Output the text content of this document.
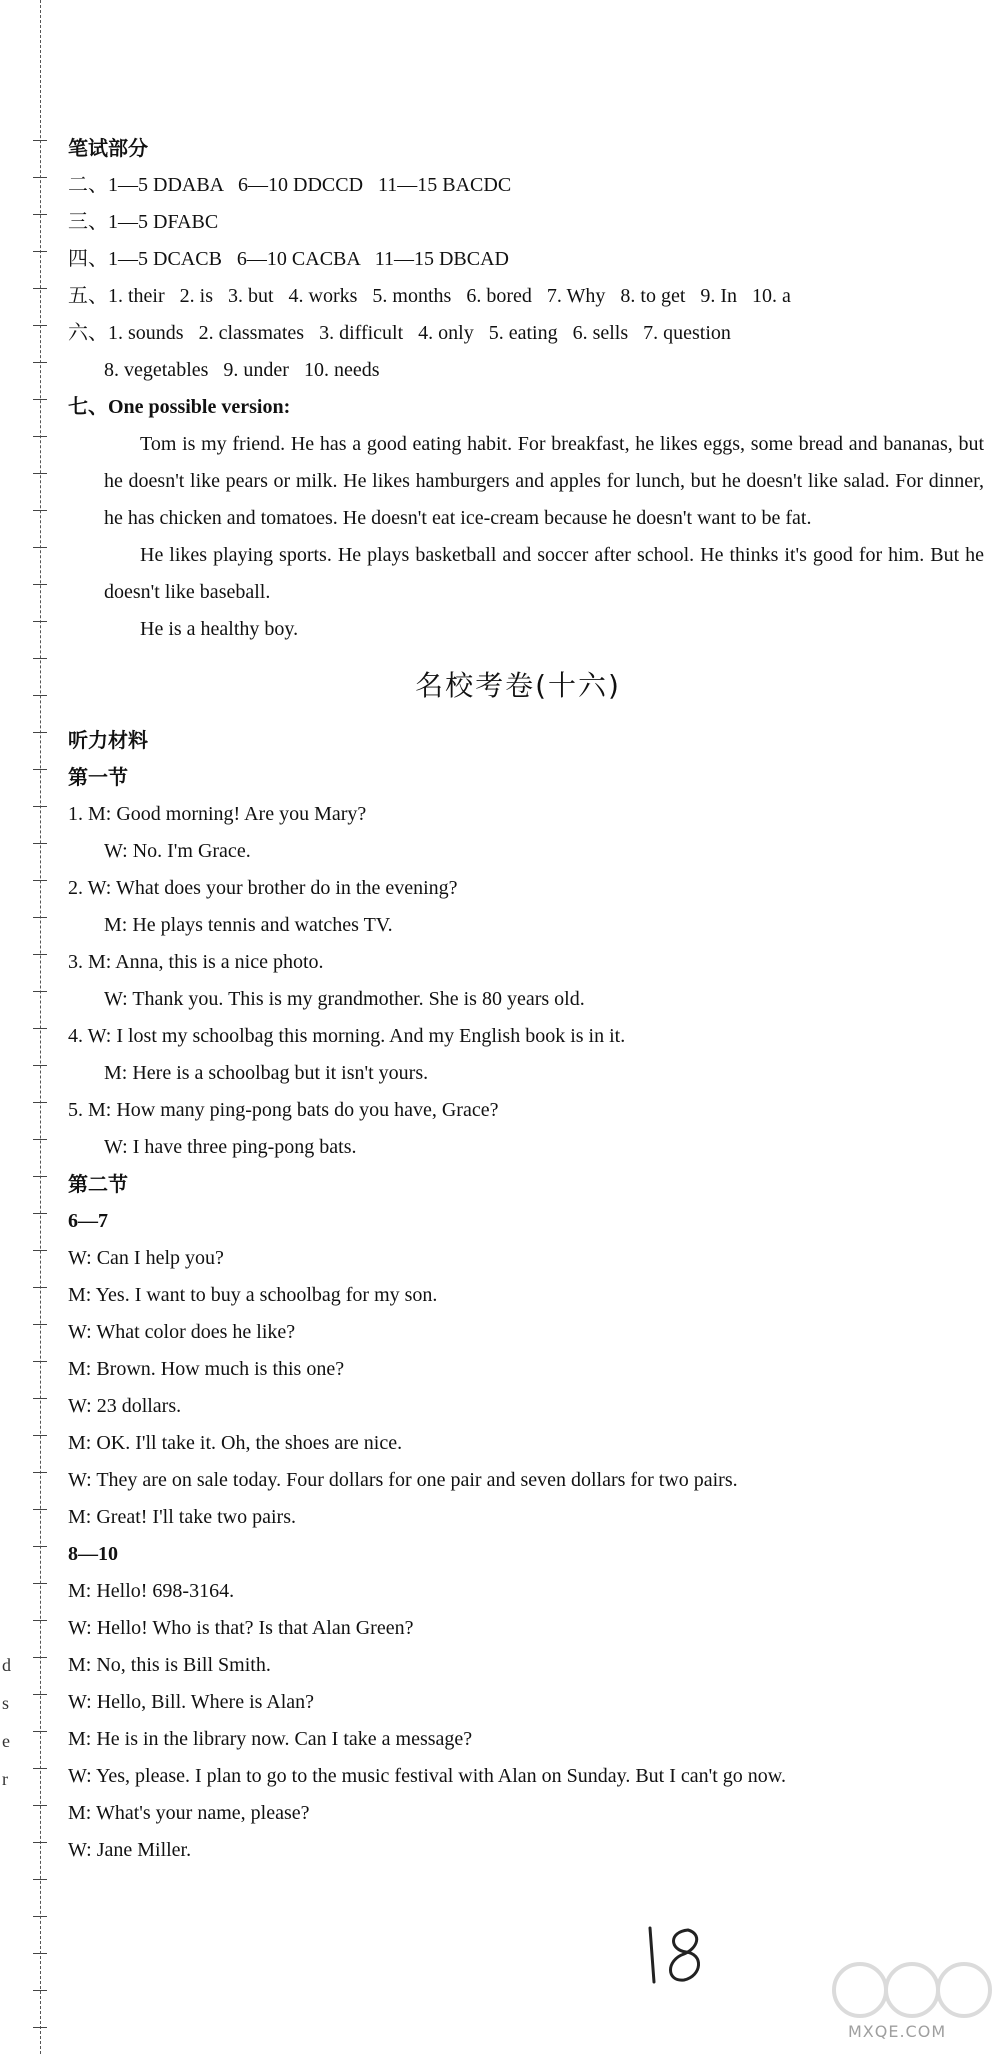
d
s
e
r
笔试部分
二、1—5 DDABA   6—10 DDCCD   11—15 BACDC
三、1—5 DFABC
四、1—5 DCACB   6—10 CACBA   11—15 DBCAD
五、1. their   2. is   3. but   4. works   5. months   6. bored   7. Why   8. to get   9. In   10. a
六、1. sounds   2. classmates   3. difficult   4. only   5. eating   6. sells   7. question
8. vegetables   9. under   10. needs
七、One possible version:

Tom is my friend. He has a good eating habit. For breakfast, he likes eggs, some bread and bananas, but he doesn't like pears or milk. He likes hamburgers and apples for lunch, but he doesn't like salad. For dinner, he has chicken and tomatoes. He doesn't eat ice-cream because he doesn't want to be fat.

He likes playing sports. He plays basketball and soccer after school. He thinks it's good for him. But he doesn't like baseball.

He is a healthy boy.

名校考卷(十六)
听力材料
第一节
1. M: Good morning! Are you Mary?
W: No. I'm Grace.
2. W: What does your brother do in the evening?
M: He plays tennis and watches TV.
3. M: Anna, this is a nice photo.
W: Thank you. This is my grandmother. She is 80 years old.
4. W: I lost my schoolbag this morning. And my English book is in it.
M: Here is a schoolbag but it isn't yours.
5. M: How many ping-pong bats do you have, Grace?
W: I have three ping-pong bats.
第二节
6—7
W: Can I help you?
M: Yes. I want to buy a schoolbag for my son.
W: What color does he like?
M: Brown. How much is this one?
W: 23 dollars.
M: OK. I'll take it. Oh, the shoes are nice.
W: They are on sale today. Four dollars for one pair and seven dollars for two pairs.
M: Great! I'll take two pairs.
8—10
M: Hello! 698-3164.
W: Hello! Who is that? Is that Alan Green?
M: No, this is Bill Smith.
W: Hello, Bill. Where is Alan?
M: He is in the library now. Can I take a message?
W: Yes, please. I plan to go to the music festival with Alan on Sunday. But I can't go now.
M: What's your name, please?
W: Jane Miller.
MXQE.COM
